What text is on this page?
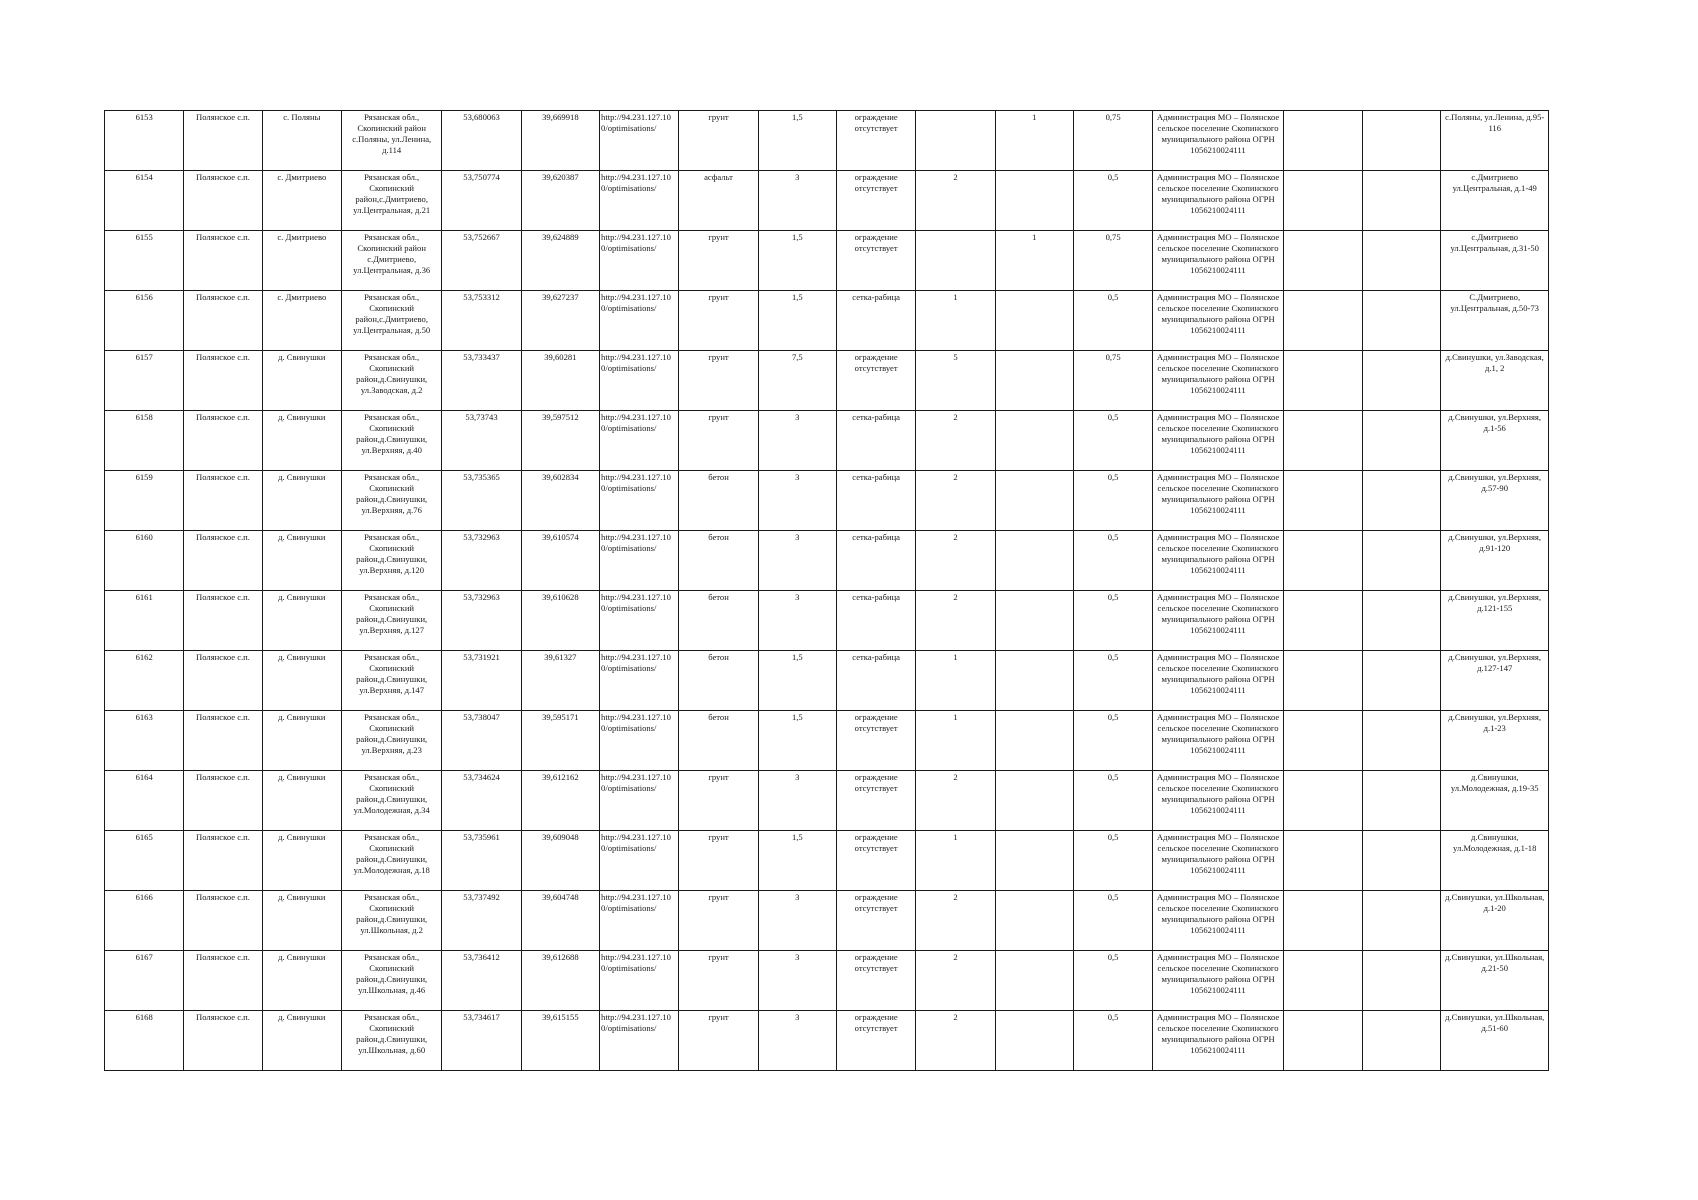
6153	Полянское с.п.	с. Поляны	Рязанская обл., Скопинский район с.Поляны, ул.Ленина, д.114	53,680063	39,669918	http://94.231.127.10 0/optimisations/	грунт	1,5	ограждение отсутствует		1	0,75	Администрация МО – Полянское сельское поселение Скопинского муниципального района ОГРН 1056210024111			с.Поляны, ул.Ленина, д.95-116
6154	Полянское с.п.	с. Дмитриево	Рязанская обл., Скопинский район,с.Дмитриево, ул.Центральная, д.21	53,750774	39,620387	http://94.231.127.10 0/optimisations/	асфальт	3	ограждение отсутствует	2		0,5	Администрация МО – Полянское сельское поселение Скопинского муниципального района ОГРН 1056210024111			с.Дмитриево ул.Центральная, д.1-49
6155	Полянское с.п.	с. Дмитриево	Рязанская обл., Скопинский район с.Дмитриево, ул.Центральная, д.36	53,752667	39,624889	http://94.231.127.10 0/optimisations/	грунт	1,5	ограждение отсутствует		1	0,75	Администрация МО – Полянское сельское поселение Скопинского муниципального района ОГРН 1056210024111			с.Дмитриево ул.Центральная, д.31-50
6156	Полянское с.п.	с. Дмитриево	Рязанская обл., Скопинский район,с.Дмитриево, ул.Центральная, д.50	53,753312	39,627237	http://94.231.127.10 0/optimisations/	грунт	1,5	сетка-рабица	1		0,5	Администрация МО – Полянское сельское поселение Скопинского муниципального района ОГРН 1056210024111			С.Дмитриево, ул.Центральная, д.50-73
6157	Полянское с.п.	д. Свинушки	Рязанская обл., Скопинский район,д.Свинушки, ул.Заводская, д.2	53,733437	39,60281	http://94.231.127.10 0/optimisations/	грунт	7,5	ограждение отсутствует	5		0,75	Администрация МО – Полянское сельское поселение Скопинского муниципального района ОГРН 1056210024111			д.Свинушки, ул.Заводская, д.1, 2
6158	Полянское с.п.	д. Свинушки	Рязанская обл., Скопинский район,д.Свинушки, ул.Верхняя, д.40	53,73743	39,597512	http://94.231.127.10 0/optimisations/	грунт	3	сетка-рабица	2		0,5	Администрация МО – Полянское сельское поселение Скопинского муниципального района ОГРН 1056210024111			д.Свинушки, ул.Верхняя, д.1-56
6159	Полянское с.п.	д. Свинушки	Рязанская обл., Скопинский район,д.Свинушки, ул.Верхняя, д.76	53,735365	39,602834	http://94.231.127.10 0/optimisations/	бетон	3	сетка-рабица	2		0,5	Администрация МО – Полянское сельское поселение Скопинского муниципального района ОГРН 1056210024111			д.Свинушки, ул.Верхняя, д.57-90
6160	Полянское с.п.	д. Свинушки	Рязанская обл., Скопинский район,д.Свинушки, ул.Верхняя, д.120	53,732963	39,610574	http://94.231.127.10 0/optimisations/	бетон	3	сетка-рабица	2		0,5	Администрация МО – Полянское сельское поселение Скопинского муниципального района ОГРН 1056210024111			д.Свинушки, ул.Верхняя, д.91-120
6161	Полянское с.п.	д. Свинушки	Рязанская обл., Скопинский район,д.Свинушки, ул.Верхняя, д.127	53,732963	39,610628	http://94.231.127.10 0/optimisations/	бетон	3	сетка-рабица	2		0,5	Администрация МО – Полянское сельское поселение Скопинского муниципального района ОГРН 1056210024111			д.Свинушки, ул.Верхняя, д.121-155
6162	Полянское с.п.	д. Свинушки	Рязанская обл., Скопинский район,д.Свинушки, ул.Верхняя, д.147	53,731921	39,61327	http://94.231.127.10 0/optimisations/	бетон	1,5	сетка-рабица	1		0,5	Администрация МО – Полянское сельское поселение Скопинского муниципального района ОГРН 1056210024111			д.Свинушки, ул.Верхняя, д.127-147
6163	Полянское с.п.	д. Свинушки	Рязанская обл., Скопинский район,д.Свинушки, ул.Верхняя, д.23	53,738047	39,595171	http://94.231.127.10 0/optimisations/	бетон	1,5	ограждение отсутствует	1		0,5	Администрация МО – Полянское сельское поселение Скопинского муниципального района ОГРН 1056210024111			д.Свинушки, ул.Верхняя, д.1-23
6164	Полянское с.п.	д. Свинушки	Рязанская обл., Скопинский район,д.Свинушки, ул.Молодежная, д.34	53,734624	39,612162	http://94.231.127.10 0/optimisations/	грунт	3	ограждение отсутствует	2		0,5	Администрация МО – Полянское сельское поселение Скопинского муниципального района ОГРН 1056210024111			д.Свинушки, ул.Молодежная, д.19-35
6165	Полянское с.п.	д. Свинушки	Рязанская обл., Скопинский район,д.Свинушки, ул.Молодежная, д.18	53,735961	39,609048	http://94.231.127.10 0/optimisations/	грунт	1,5	ограждение отсутствует	1		0,5	Администрация МО – Полянское сельское поселение Скопинского муниципального района ОГРН 1056210024111			д.Свинушки, ул.Молодежная, д.1-18
6166	Полянское с.п.	д. Свинушки	Рязанская обл., Скопинский район,д.Свинушки, ул.Школьная, д.2	53,737492	39,604748	http://94.231.127.10 0/optimisations/	грунт	3	ограждение отсутствует	2		0,5	Администрация МО – Полянское сельское поселение Скопинского муниципального района ОГРН 1056210024111			д.Свинушки, ул.Школьная, д.1-20
6167	Полянское с.п.	д. Свинушки	Рязанская обл., Скопинский район,д.Свинушки, ул.Школьная, д.46	53,736412	39,612688	http://94.231.127.10 0/optimisations/	грунт	3	ограждение отсутствует	2		0,5	Администрация МО – Полянское сельское поселение Скопинского муниципального района ОГРН 1056210024111			д.Свинушки, ул.Школьная, д.21-50
6168	Полянское с.п.	д. Свинушки	Рязанская обл., Скопинский район,д.Свинушки, ул.Школьная, д.60	53,734617	39,615155	http://94.231.127.10 0/optimisations/	грунт	3	ограждение отсутствует	2		0,5	Администрация МО – Полянское сельское поселение Скопинского муниципального района ОГРН 1056210024111			д.Свинушки, ул.Школьная, д.51-60
